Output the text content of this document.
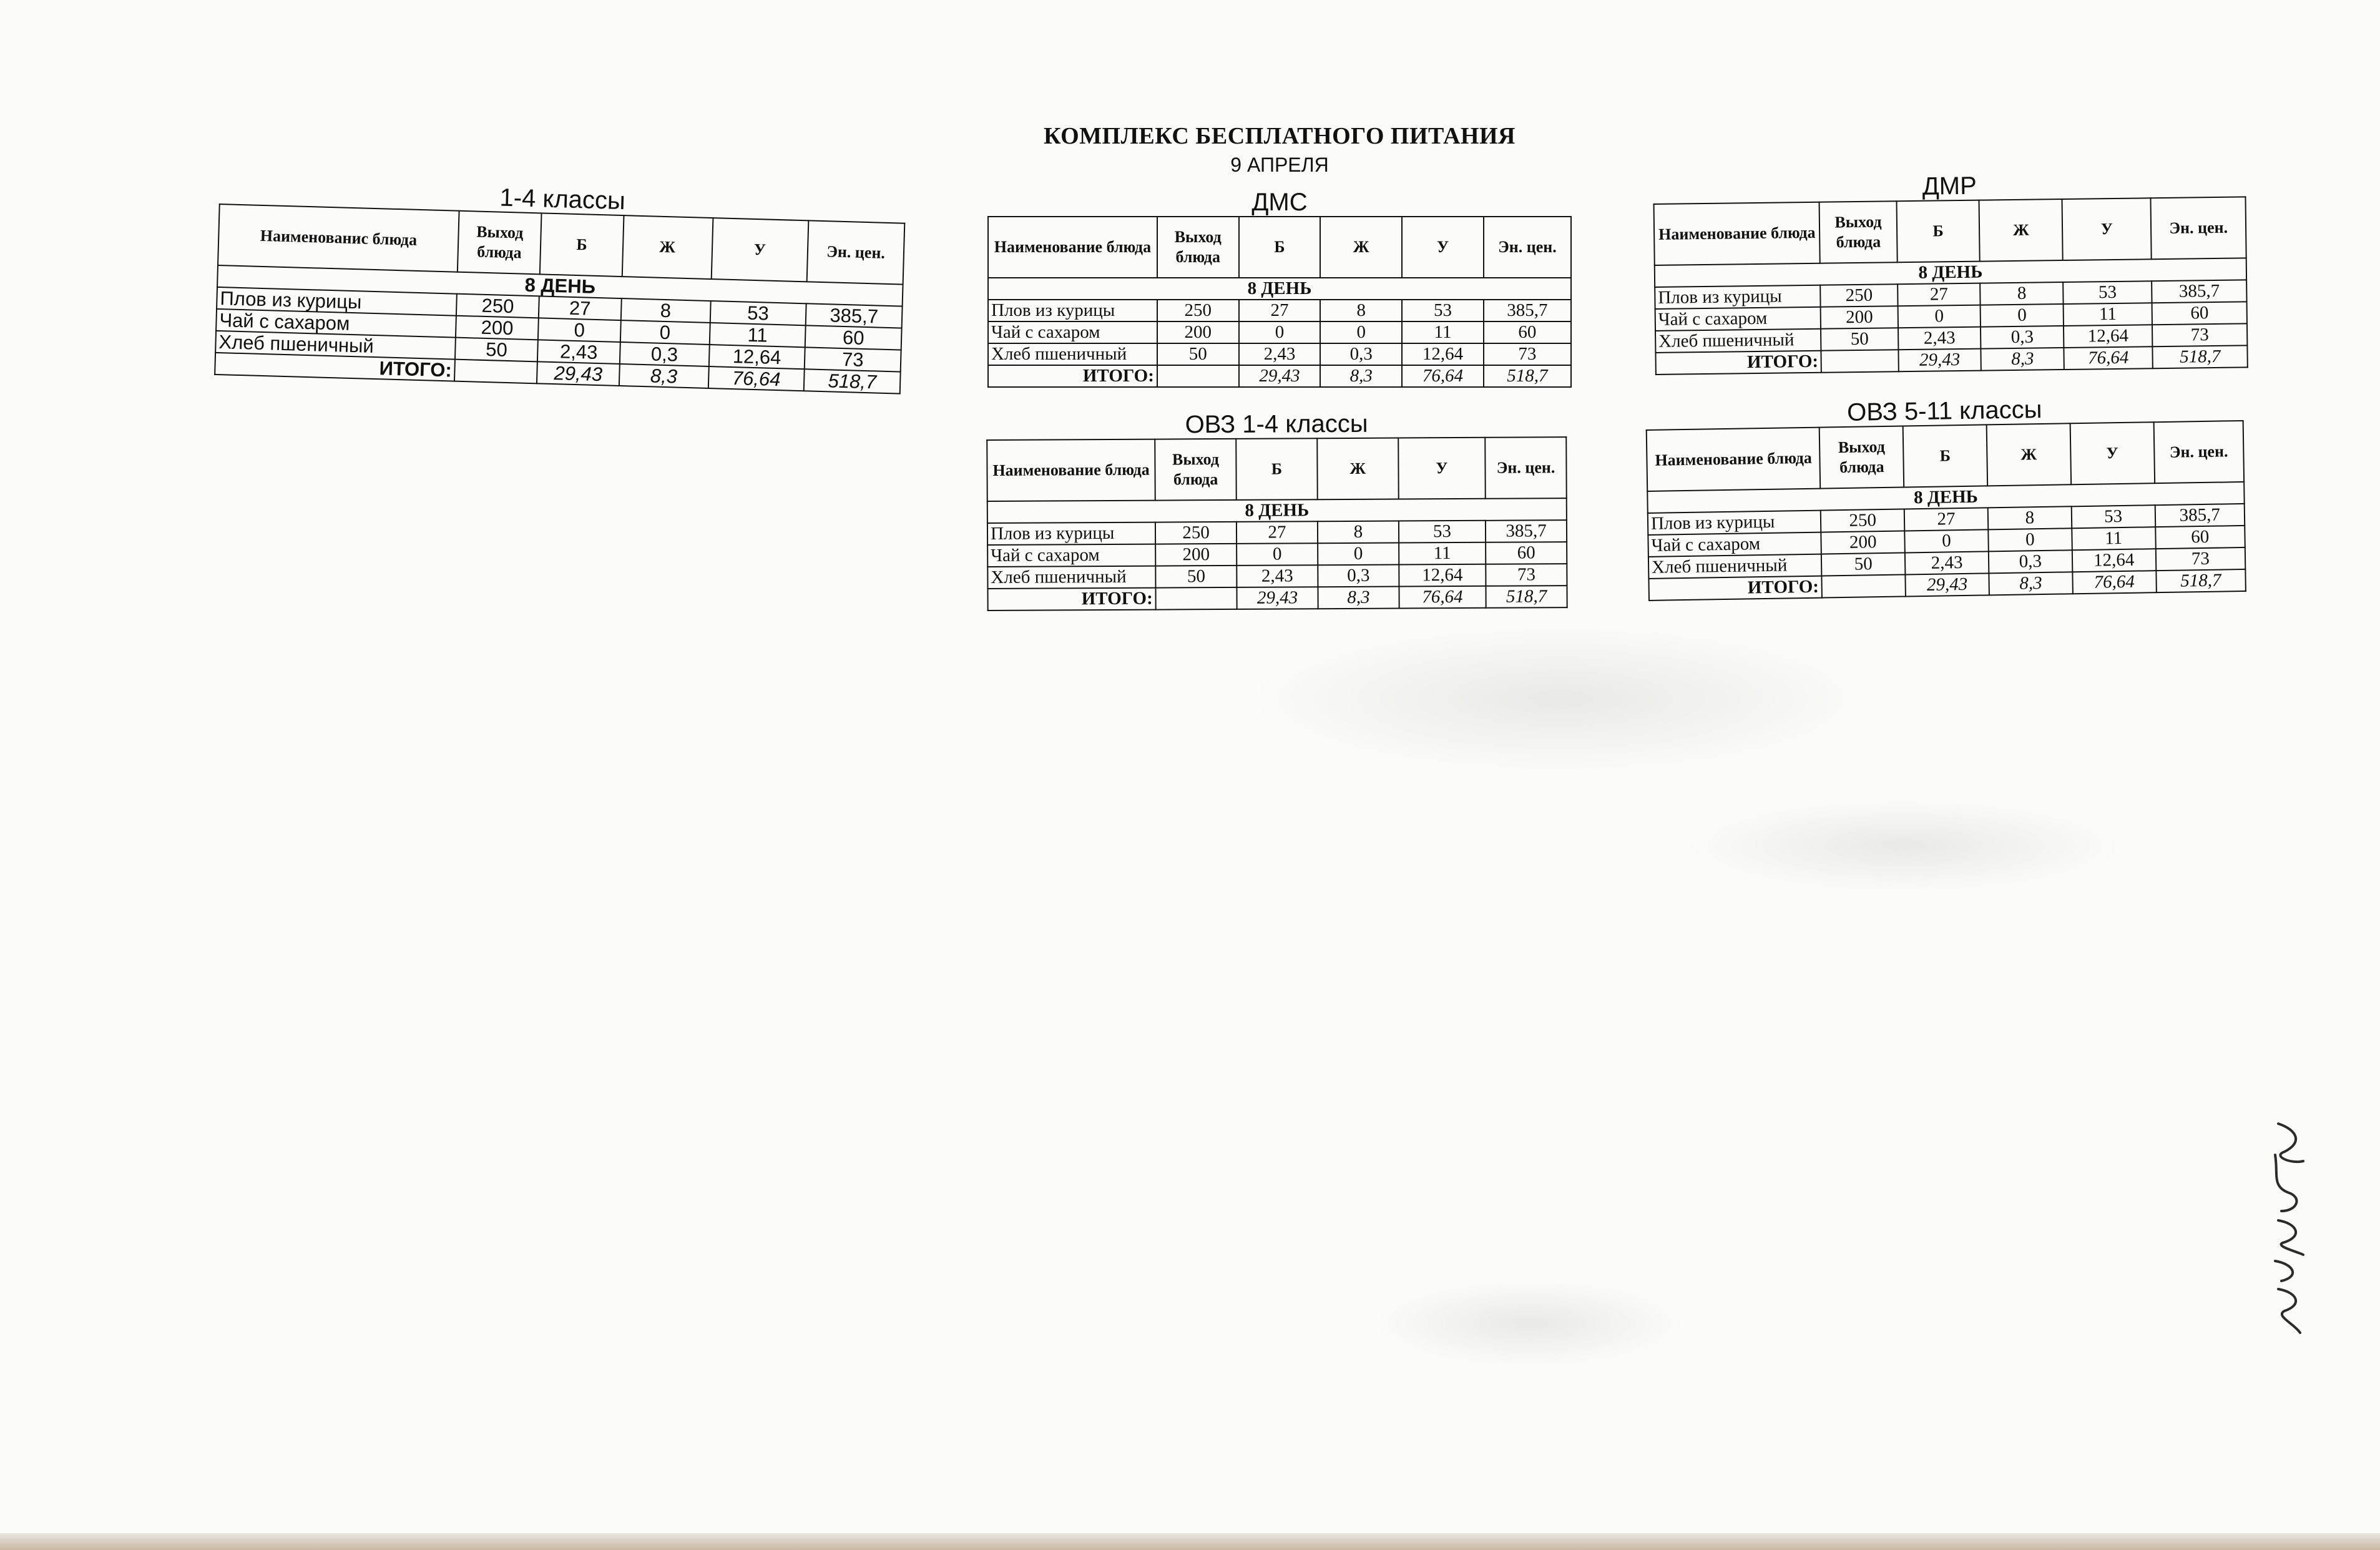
КОМПЛЕКС БЕСПЛАТНОГО ПИТАНИЯ
9 АПРЕЛЯ
1-4 классы
Наименованис блюда	Выход блюда	Б	Ж	У	Эн. цен.
8 ДЕНЬ					
Плов из курицы	250	27	8	53	385,7
Чай с сахаром	200	0	0	11	60
Хлеб пшеничный	50	2,43	0,3	12,64	73
ИТОГО:		29,43	8,3	76,64	518,7
ДМС
Наименование блюда	Выход блюда	Б	Ж	У	Эн. цен.
8 ДЕНЬ					
Плов из курицы	250	27	8	53	385,7
Чай с сахаром	200	0	0	11	60
Хлеб пшеничный	50	2,43	0,3	12,64	73
ИТОГО:		29,43	8,3	76,64	518,7
ДМР
Наименование блюда	Выход блюда	Б	Ж	У	Эн. цен.
8 ДЕНЬ					
Плов из курицы	250	27	8	53	385,7
Чай с сахаром	200	0	0	11	60
Хлеб пшеничный	50	2,43	0,3	12,64	73
ИТОГО:		29,43	8,3	76,64	518,7
ОВЗ 1-4 классы
Наименование блюда	Выход блюда	Б	Ж	У	Эн. цен.
8 ДЕНЬ					
Плов из курицы	250	27	8	53	385,7
Чай с сахаром	200	0	0	11	60
Хлеб пшеничный	50	2,43	0,3	12,64	73
ИТОГО:		29,43	8,3	76,64	518,7
ОВЗ 5-11 классы
Наименование блюда	Выход блюда	Б	Ж	У	Эн. цен.
8 ДЕНЬ					
Плов из курицы	250	27	8	53	385,7
Чай с сахаром	200	0	0	11	60
Хлеб пшеничный	50	2,43	0,3	12,64	73
ИТОГО:		29,43	8,3	76,64	518,7
